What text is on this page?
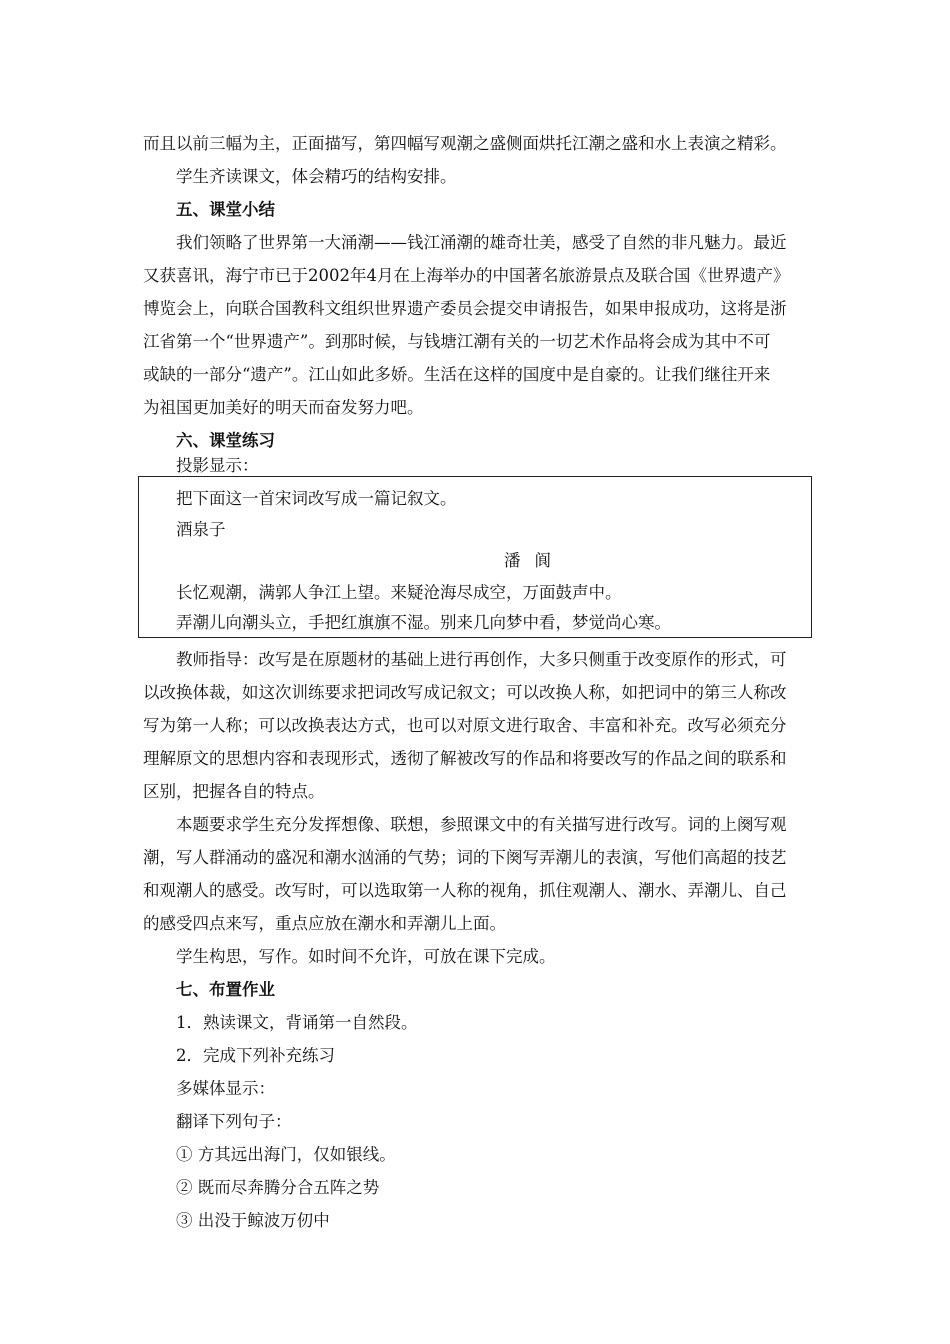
而且以前三幅为主，正面描写，第四幅写观潮之盛侧面烘托江潮之盛和水上表演之精彩。
学生齐读课文，体会精巧的结构安排。
五、课堂小结
我们领略了世界第一大涌潮——钱江涌潮的雄奇壮美，感受了自然的非凡魅力。最近
又获喜讯，海宁市已于2002年4月在上海举办的中国著名旅游景点及联合国《世界遗产》
博览会上，向联合国教科文组织世界遗产委员会提交申请报告，如果申报成功，这将是浙
江省第一个“世界遗产”。到那时候，与钱塘江潮有关的一切艺术作品将会成为其中不可
或缺的一部分“遗产”。江山如此多娇。生活在这样的国度中是自豪的。让我们继往开来
为祖国更加美好的明天而奋发努力吧。
六、课堂练习
投影显示：
把下面这一首宋词改写成一篇记叙文。
酒泉子
潘阆
长忆观潮，满郭人争江上望。来疑沧海尽成空，万面鼓声中。
弄潮儿向潮头立，手把红旗旗不湿。别来几向梦中看，梦觉尚心寒。
教师指导：改写是在原题材的基础上进行再创作，大多只侧重于改变原作的形式，可
以改换体裁，如这次训练要求把词改写成记叙文；可以改换人称，如把词中的第三人称改
写为第一人称；可以改换表达方式，也可以对原文进行取舍、丰富和补充。改写必须充分
理解原文的思想内容和表现形式，透彻了解被改写的作品和将要改写的作品之间的联系和
区别，把握各自的特点。
本题要求学生充分发挥想像、联想，参照课文中的有关描写进行改写。词的上阕写观
潮，写人群涌动的盛况和潮水汹涌的气势；词的下阕写弄潮儿的表演，写他们高超的技艺
和观潮人的感受。改写时，可以选取第一人称的视角，抓住观潮人、潮水、弄潮儿、自己
的感受四点来写，重点应放在潮水和弄潮儿上面。
学生构思，写作。如时间不允许，可放在课下完成。
七、布置作业
1．熟读课文，背诵第一自然段。
2．完成下列补充练习
多媒体显示：
翻译下列句子：
① 方其远出海门，仅如银线。
② 既而尽奔腾分合五阵之势
③ 出没于鲸波万仞中
